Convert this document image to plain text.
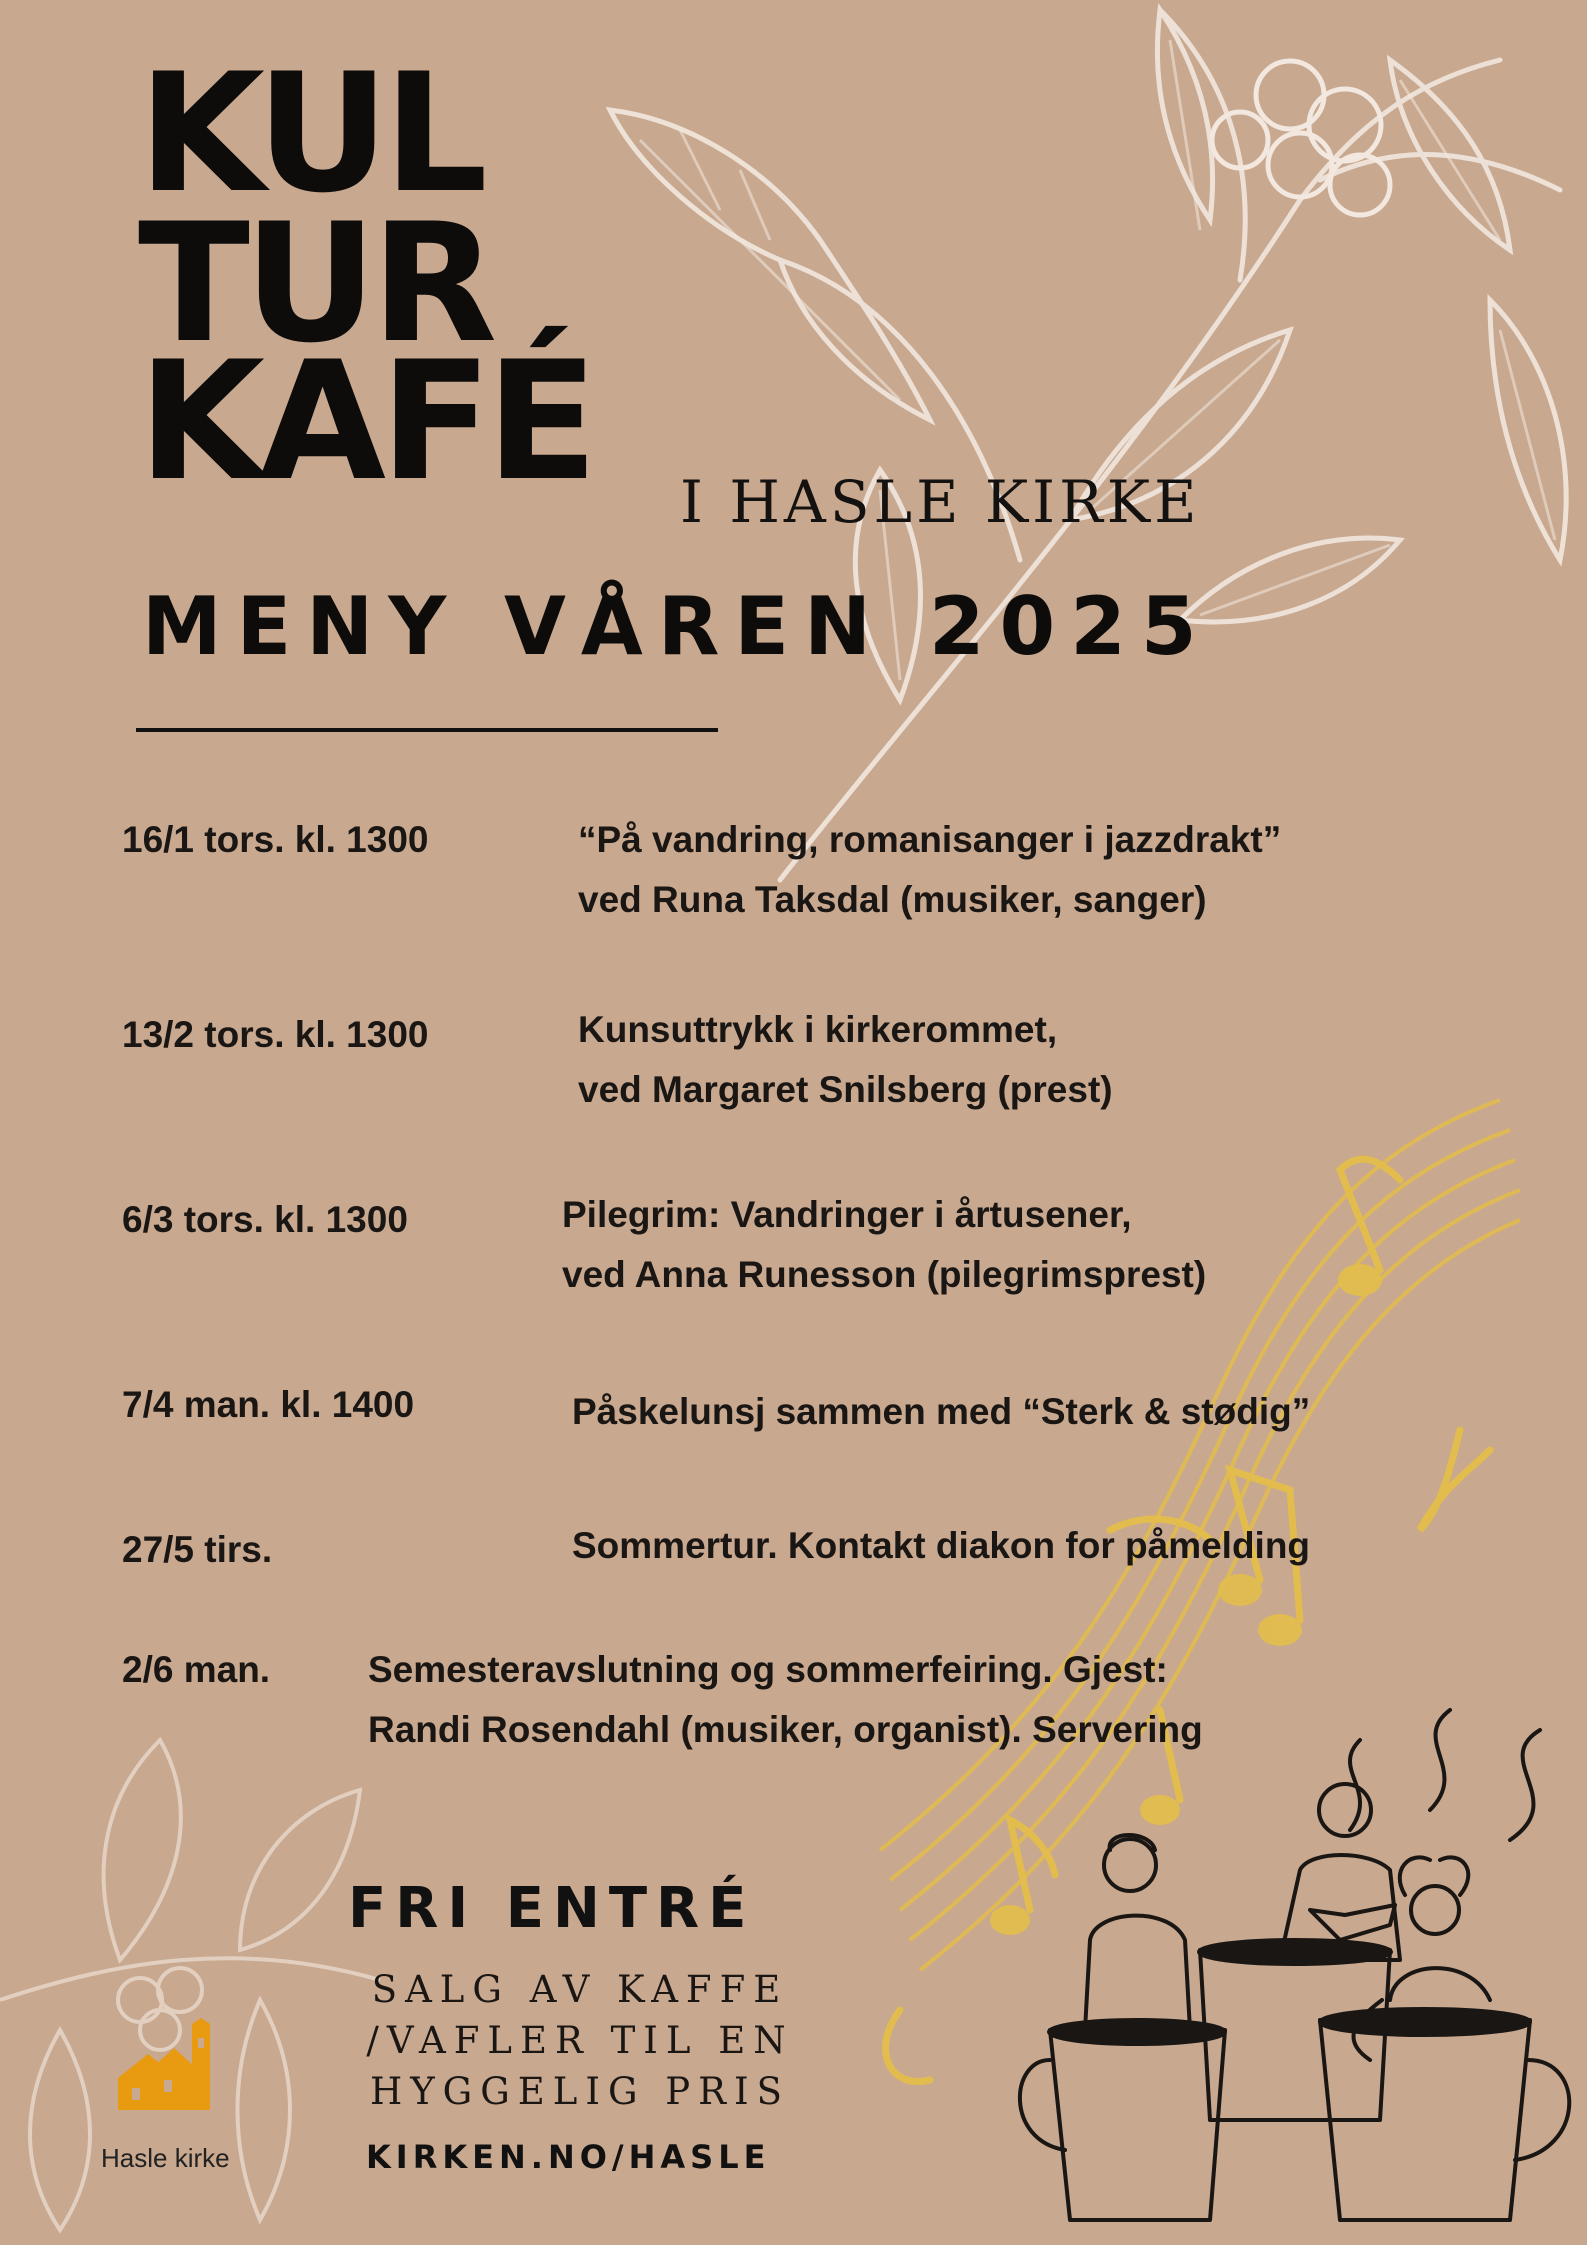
KUL
TUR
KAFÉ I HASLE KIRKE
MENY VÅREN 2025
16/1 tors. kl. 1300	“På vandring, romanisanger i jazzdrakt”
ved Runa Taksdal (musiker, sanger)
13/2 tors. kl. 1300	Kunsuttrykk i kirkerommet,
ved Margaret Snilsberg (prest)
6/3 tors. kl. 1300	Pilegrim: Vandringer i årtusener,
ved Anna Runesson (pilegrimsprest)
7/4 man. kl. 1400	Påskelunsj sammen med “Sterk & stødig”
27/5 tirs.	Sommertur. Kontakt diakon for påmelding
2/6 man.	Semesteravslutning og sommerfeiring. Gjest:
Randi Rosendahl (musiker, organist). Servering
FRI ENTRÉ
SALG AV KAFFE
/VAFLER TIL EN
HYGGELIG PRIS
KIRKEN.NO/HASLE
Hasle kirke
